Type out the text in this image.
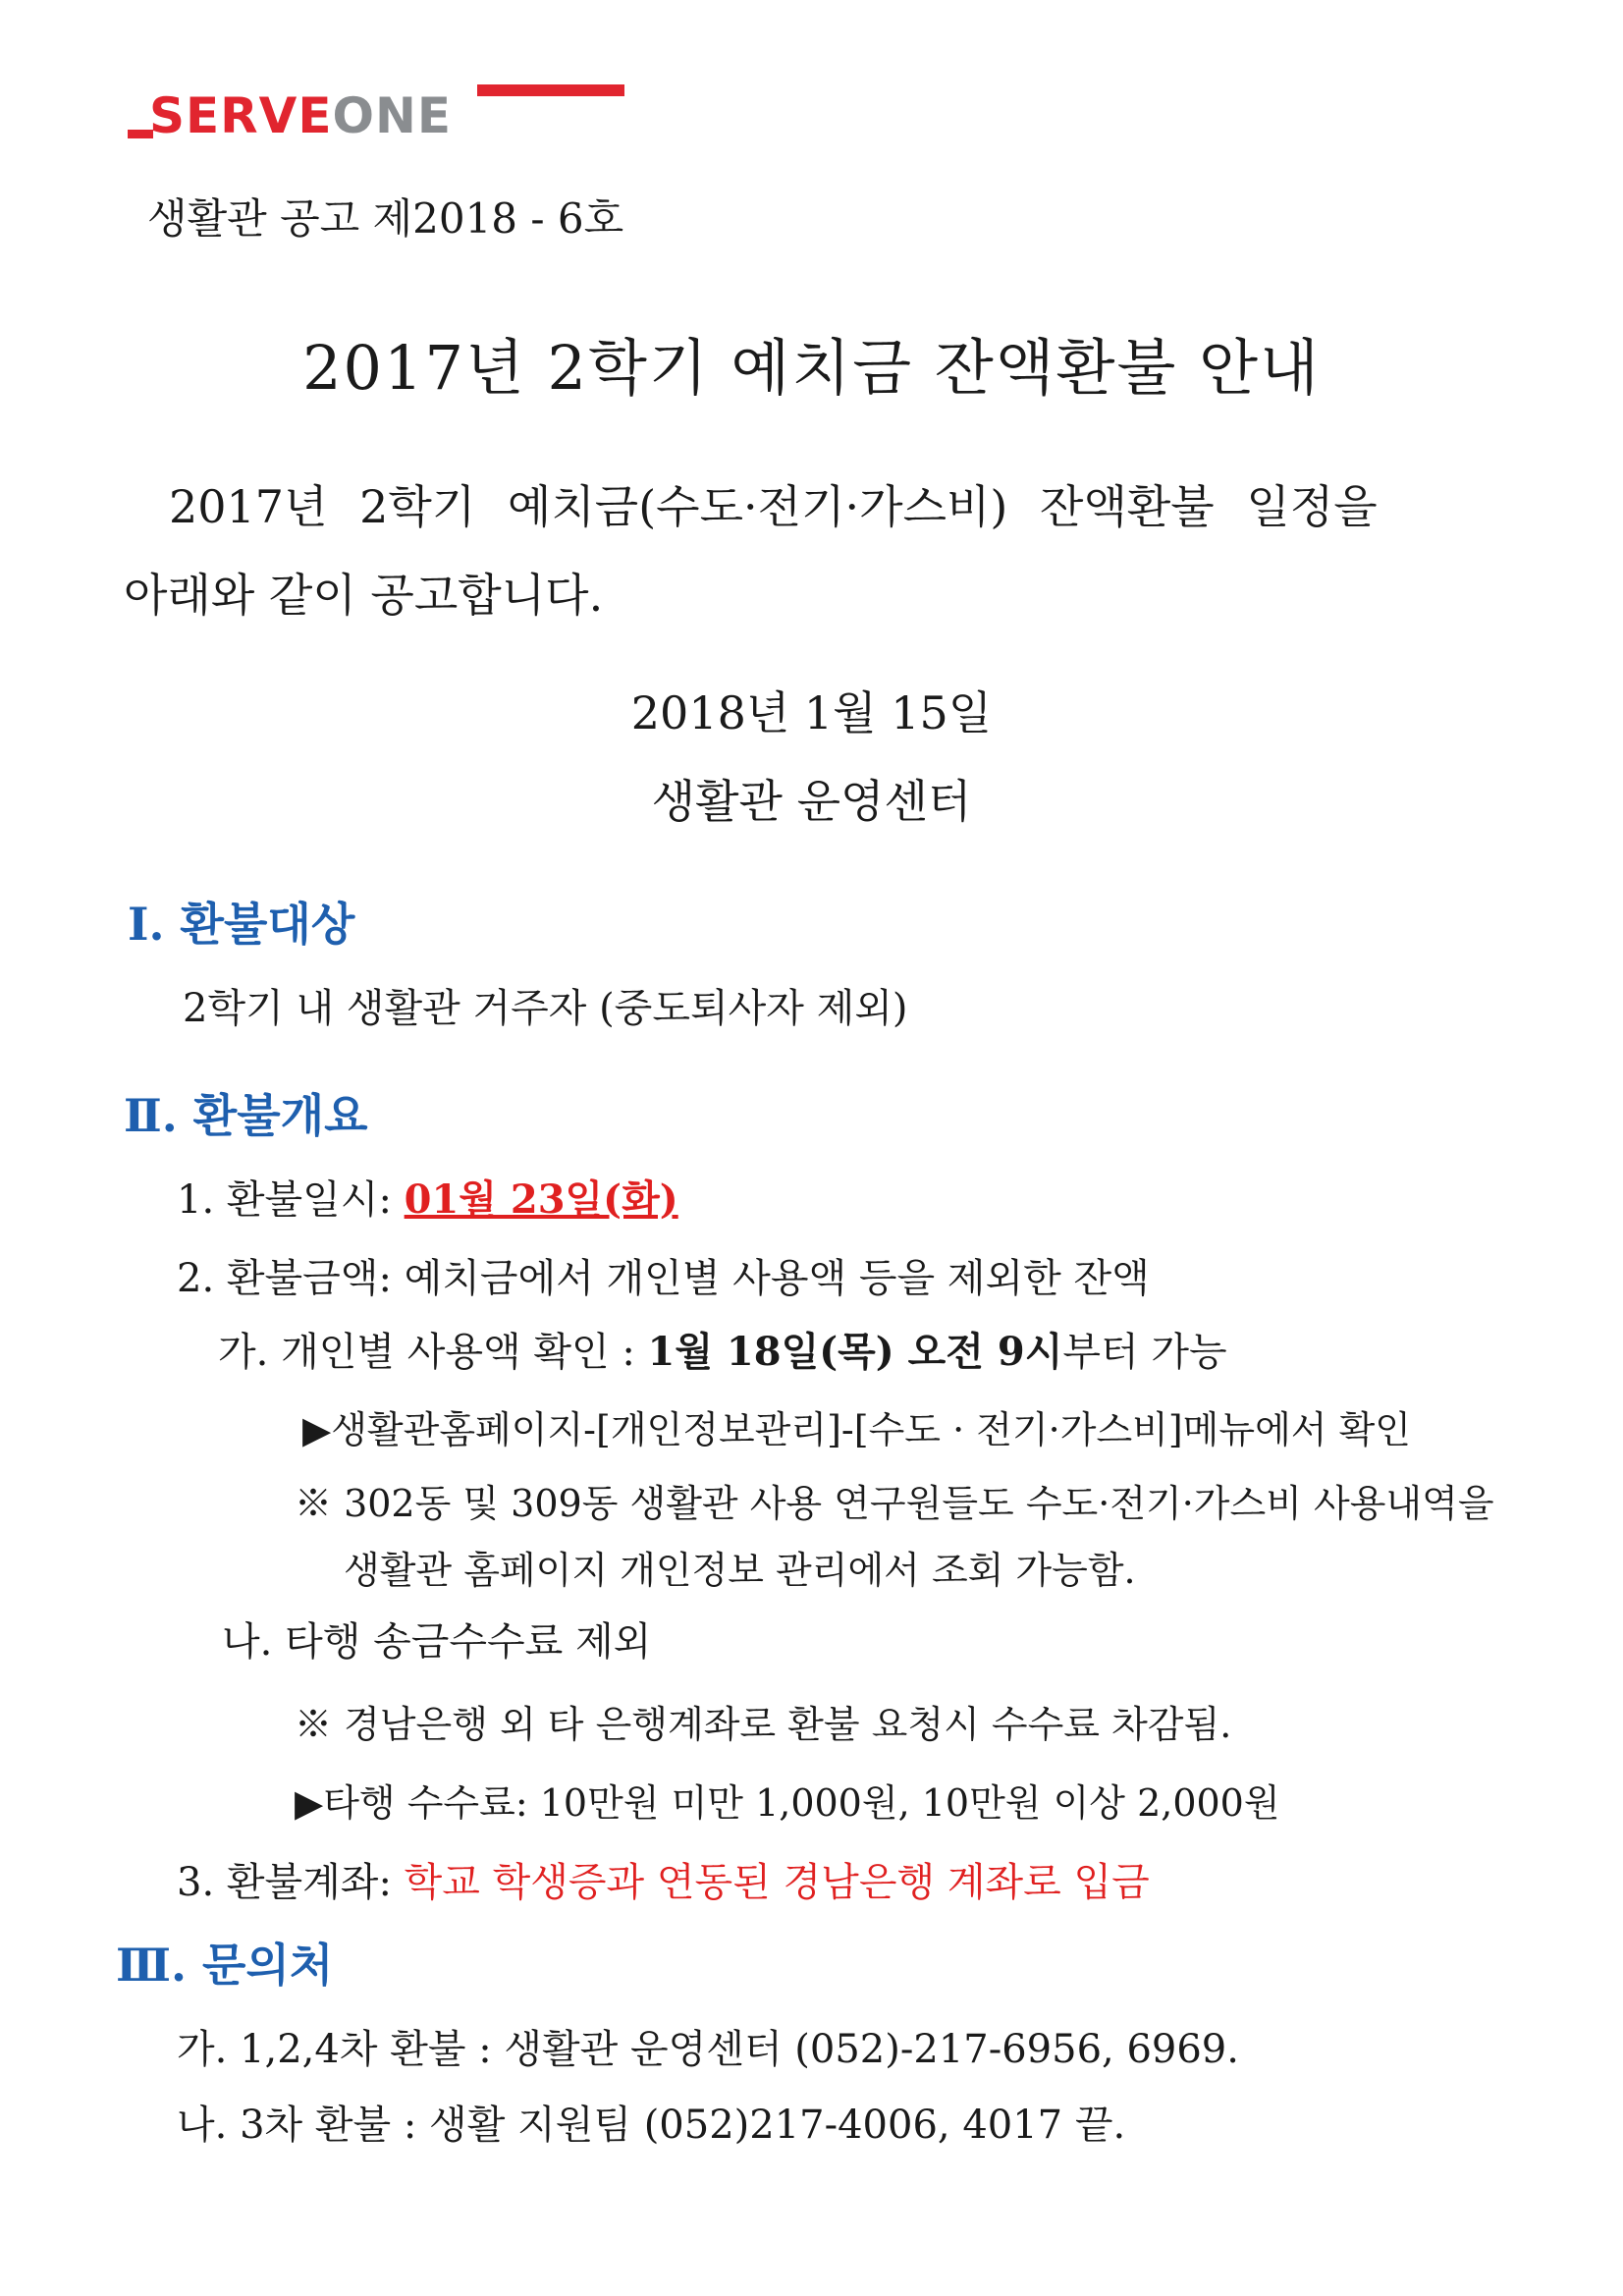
SERVEONE
생활관 공고 제2018 - 6호
2017년 2학기 예치금 잔액환불 안내
2017년 2학기 예치금(수도·전기·가스비) 잔액환불 일정을
아래와 같이 공고합니다.
2018년 1월 15일
생활관 운영센터
Ⅰ. 환불대상
2학기 내 생활관 거주자 (중도퇴사자 제외)
Ⅱ. 환불개요
1. 환불일시: 01월 23일(화)
2. 환불금액: 예치금에서 개인별 사용액 등을 제외한 잔액
가. 개인별 사용액 확인 : 1월 18일(목) 오전 9시부터 가능
▶생활관홈페이지-[개인정보관리]-[수도 · 전기·가스비]메뉴에서 확인
※ 302동 및 309동 생활관 사용 연구원들도 수도·전기·가스비 사용내역을
생활관 홈페이지 개인정보 관리에서 조회 가능함.
나. 타행 송금수수료 제외
※ 경남은행 외 타 은행계좌로 환불 요청시 수수료 차감됨.
▶타행 수수료: 10만원 미만 1,000원, 10만원 이상 2,000원
3. 환불계좌: 학교 학생증과 연동된 경남은행 계좌로 입금
Ⅲ. 문의처
가. 1,2,4차 환불 : 생활관 운영센터 (052)-217-6956, 6969.
나. 3차 환불 : 생활 지원팀 (052)217-4006, 4017 끝.
